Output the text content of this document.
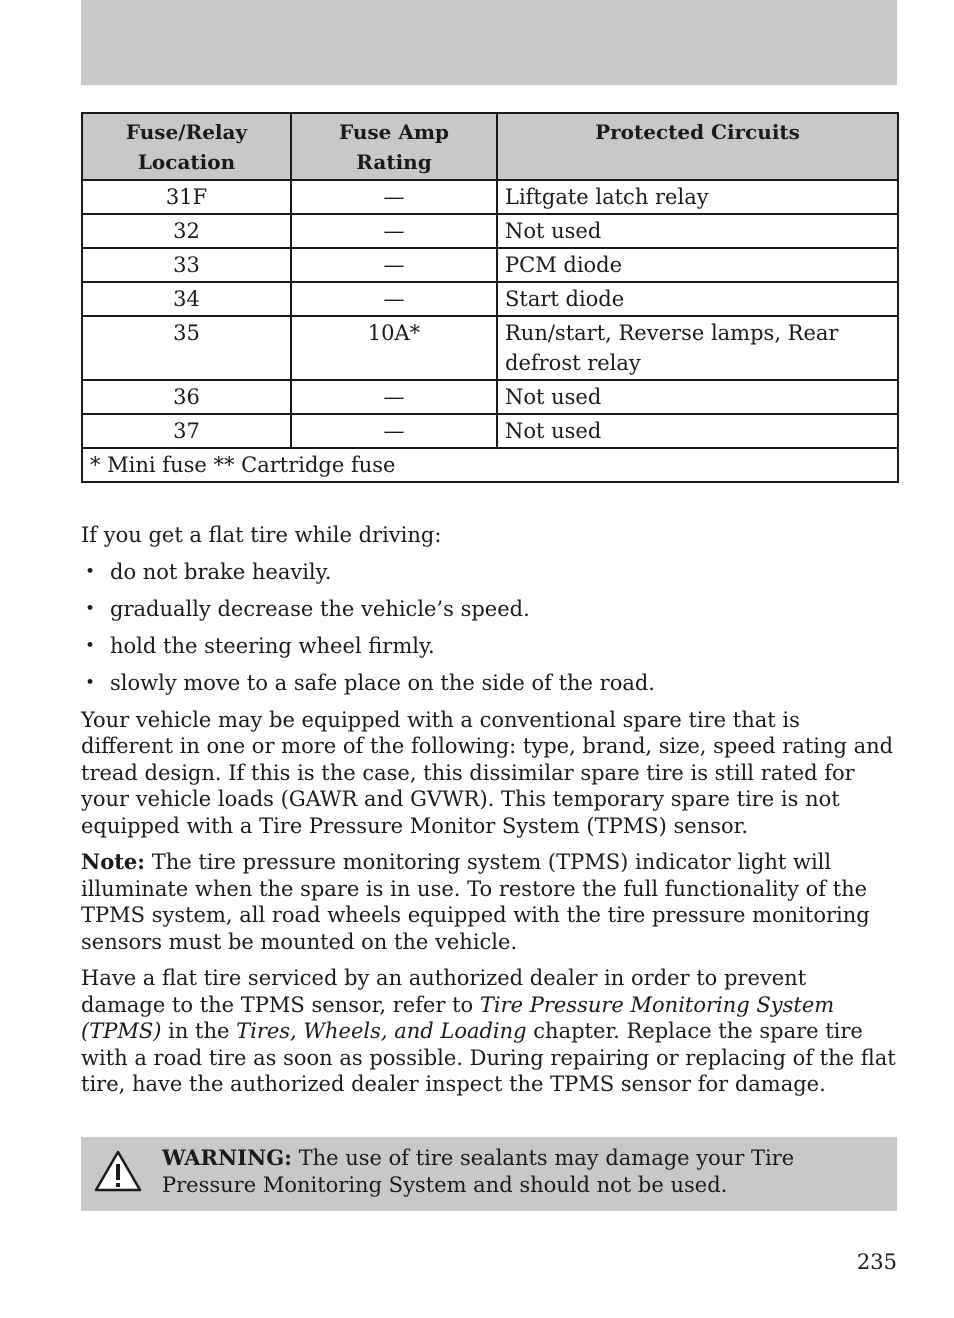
Fuse/Relay Location	Fuse Amp Rating	Protected Circuits
31F	—	Liftgate latch relay
32	—	Not used
33	—	PCM diode
34	—	Start diode
35	10A*	Run/start, Reverse lamps, Rear defrost relay
36	—	Not used
37	—	Not used
* Mini fuse ** Cartridge fuse		

If you get a flat tire while driving:

• do not brake heavily.
• gradually decrease the vehicle’s speed.
• hold the steering wheel firmly.
• slowly move to a safe place on the side of the road.

Your vehicle may be equipped with a conventional spare tire that is different in one or more of the following: type, brand, size, speed rating and tread design. If this is the case, this dissimilar spare tire is still rated for your vehicle loads (GAWR and GVWR). This temporary spare tire is not equipped with a Tire Pressure Monitor System (TPMS) sensor.

Note: The tire pressure monitoring system (TPMS) indicator light will illuminate when the spare is in use. To restore the full functionality of the TPMS system, all road wheels equipped with the tire pressure monitoring sensors must be mounted on the vehicle.

Have a flat tire serviced by an authorized dealer in order to prevent damage to the TPMS sensor, refer to Tire Pressure Monitoring System (TPMS) in the Tires, Wheels, and Loading chapter. Replace the spare tire with a road tire as soon as possible. During repairing or replacing of the flat tire, have the authorized dealer inspect the TPMS sensor for damage.

WARNING: The use of tire sealants may damage your Tire Pressure Monitoring System and should not be used.
235
